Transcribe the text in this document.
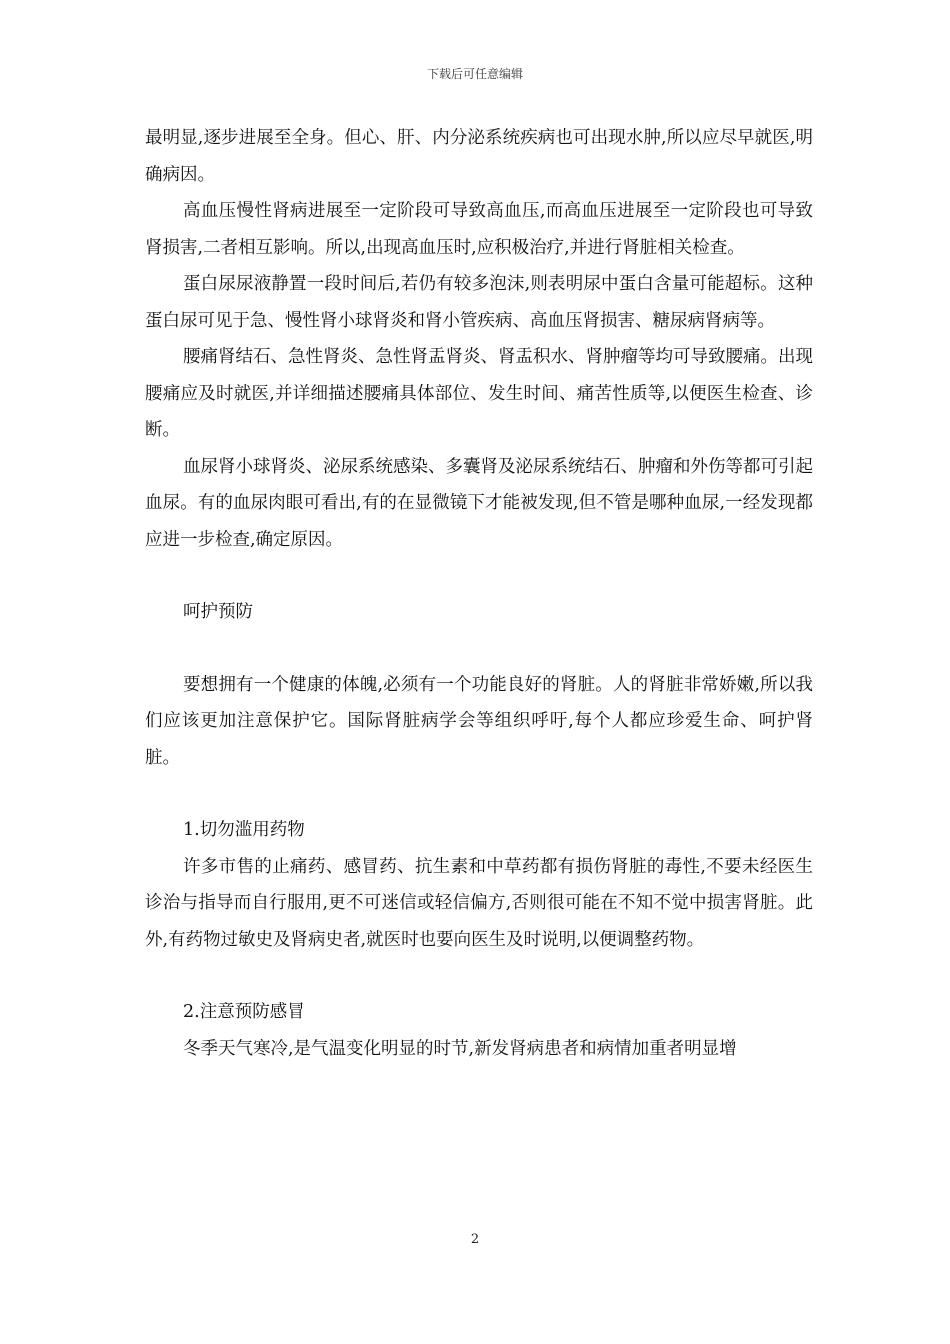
下载后可任意编辑

最明显,逐步进展至全身。但心、肝、内分泌系统疾病也可出现水肿,所以应尽早就医,明确病因。

高血压慢性肾病进展至一定阶段可导致高血压,而高血压进展至一定阶段也可导致肾损害,二者相互影响。所以,出现高血压时,应积极治疗,并进行肾脏相关检查。

蛋白尿尿液静置一段时间后,若仍有较多泡沫,则表明尿中蛋白含量可能超标。这种蛋白尿可见于急、慢性肾小球肾炎和肾小管疾病、高血压肾损害、糖尿病肾病等。

腰痛肾结石、急性肾炎、急性肾盂肾炎、肾盂积水、肾肿瘤等均可导致腰痛。出现腰痛应及时就医,并详细描述腰痛具体部位、发生时间、痛苦性质等,以便医生检查、诊断。

血尿肾小球肾炎、泌尿系统感染、多囊肾及泌尿系统结石、肿瘤和外伤等都可引起血尿。有的血尿肉眼可看出,有的在显微镜下才能被发现,但不管是哪种血尿,一经发现都应进一步检查,确定原因。

呵护预防

要想拥有一个健康的体魄,必须有一个功能良好的肾脏。人的肾脏非常娇嫩,所以我们应该更加注意保护它。国际肾脏病学会等组织呼吁,每个人都应珍爱生命、呵护肾脏。

1.切勿滥用药物

许多市售的止痛药、感冒药、抗生素和中草药都有损伤肾脏的毒性,不要未经医生诊治与指导而自行服用,更不可迷信或轻信偏方,否则很可能在不知不觉中损害肾脏。此外,有药物过敏史及肾病史者,就医时也要向医生及时说明,以便调整药物。

2.注意预防感冒

冬季天气寒冷,是气温变化明显的时节,新发肾病患者和病情加重者明显增

2
